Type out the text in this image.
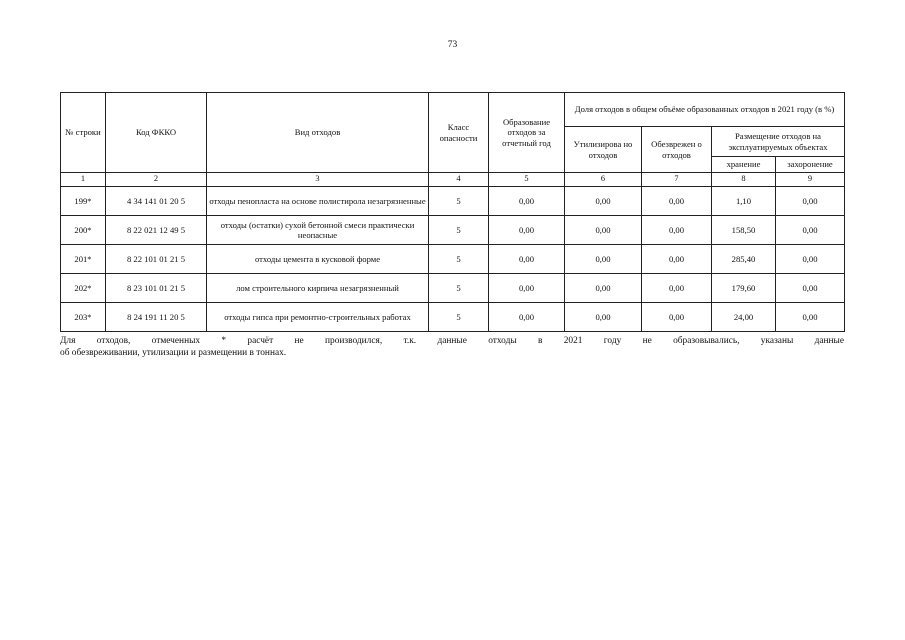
73
№ строки	Код ФККО	Вид отходов	Класс опасности	Образование отходов за отчетный год	Доля отходов в общем объёме образованных отходов в 2021 году (в %)			
					Утилизирова но отходов	Обезврежен о отходов	Размещение отходов на эксплуатируемых объектах	
							хранение	захоронение
1	2	3	4	5	6	7	8	9
199*	4 34 141 01 20 5	отходы пенопласта на основе полистирола незагрязненные	5	0,00	0,00	0,00	1,10	0,00
200*	8 22 021 12 49 5	отходы (остатки) сухой бетонной смеси практически неопасные	5	0,00	0,00	0,00	158,50	0,00
201*	8 22 101 01 21 5	отходы цемента в кусковой форме	5	0,00	0,00	0,00	285,40	0,00
202*	8 23 101 01 21 5	лом строительного кирпича незагрязненный	5	0,00	0,00	0,00	179,60	0,00
203*	8 24 191 11 20 5	отходы гипса при ремонтно-строительных работах	5	0,00	0,00	0,00	24,00	0,00
Для отходов, отмеченных * расчёт не производился, т.к. данные отходы в 2021 году не образовывались, указаны данные
об обезвреживании, утилизации и размещении в тоннах.
